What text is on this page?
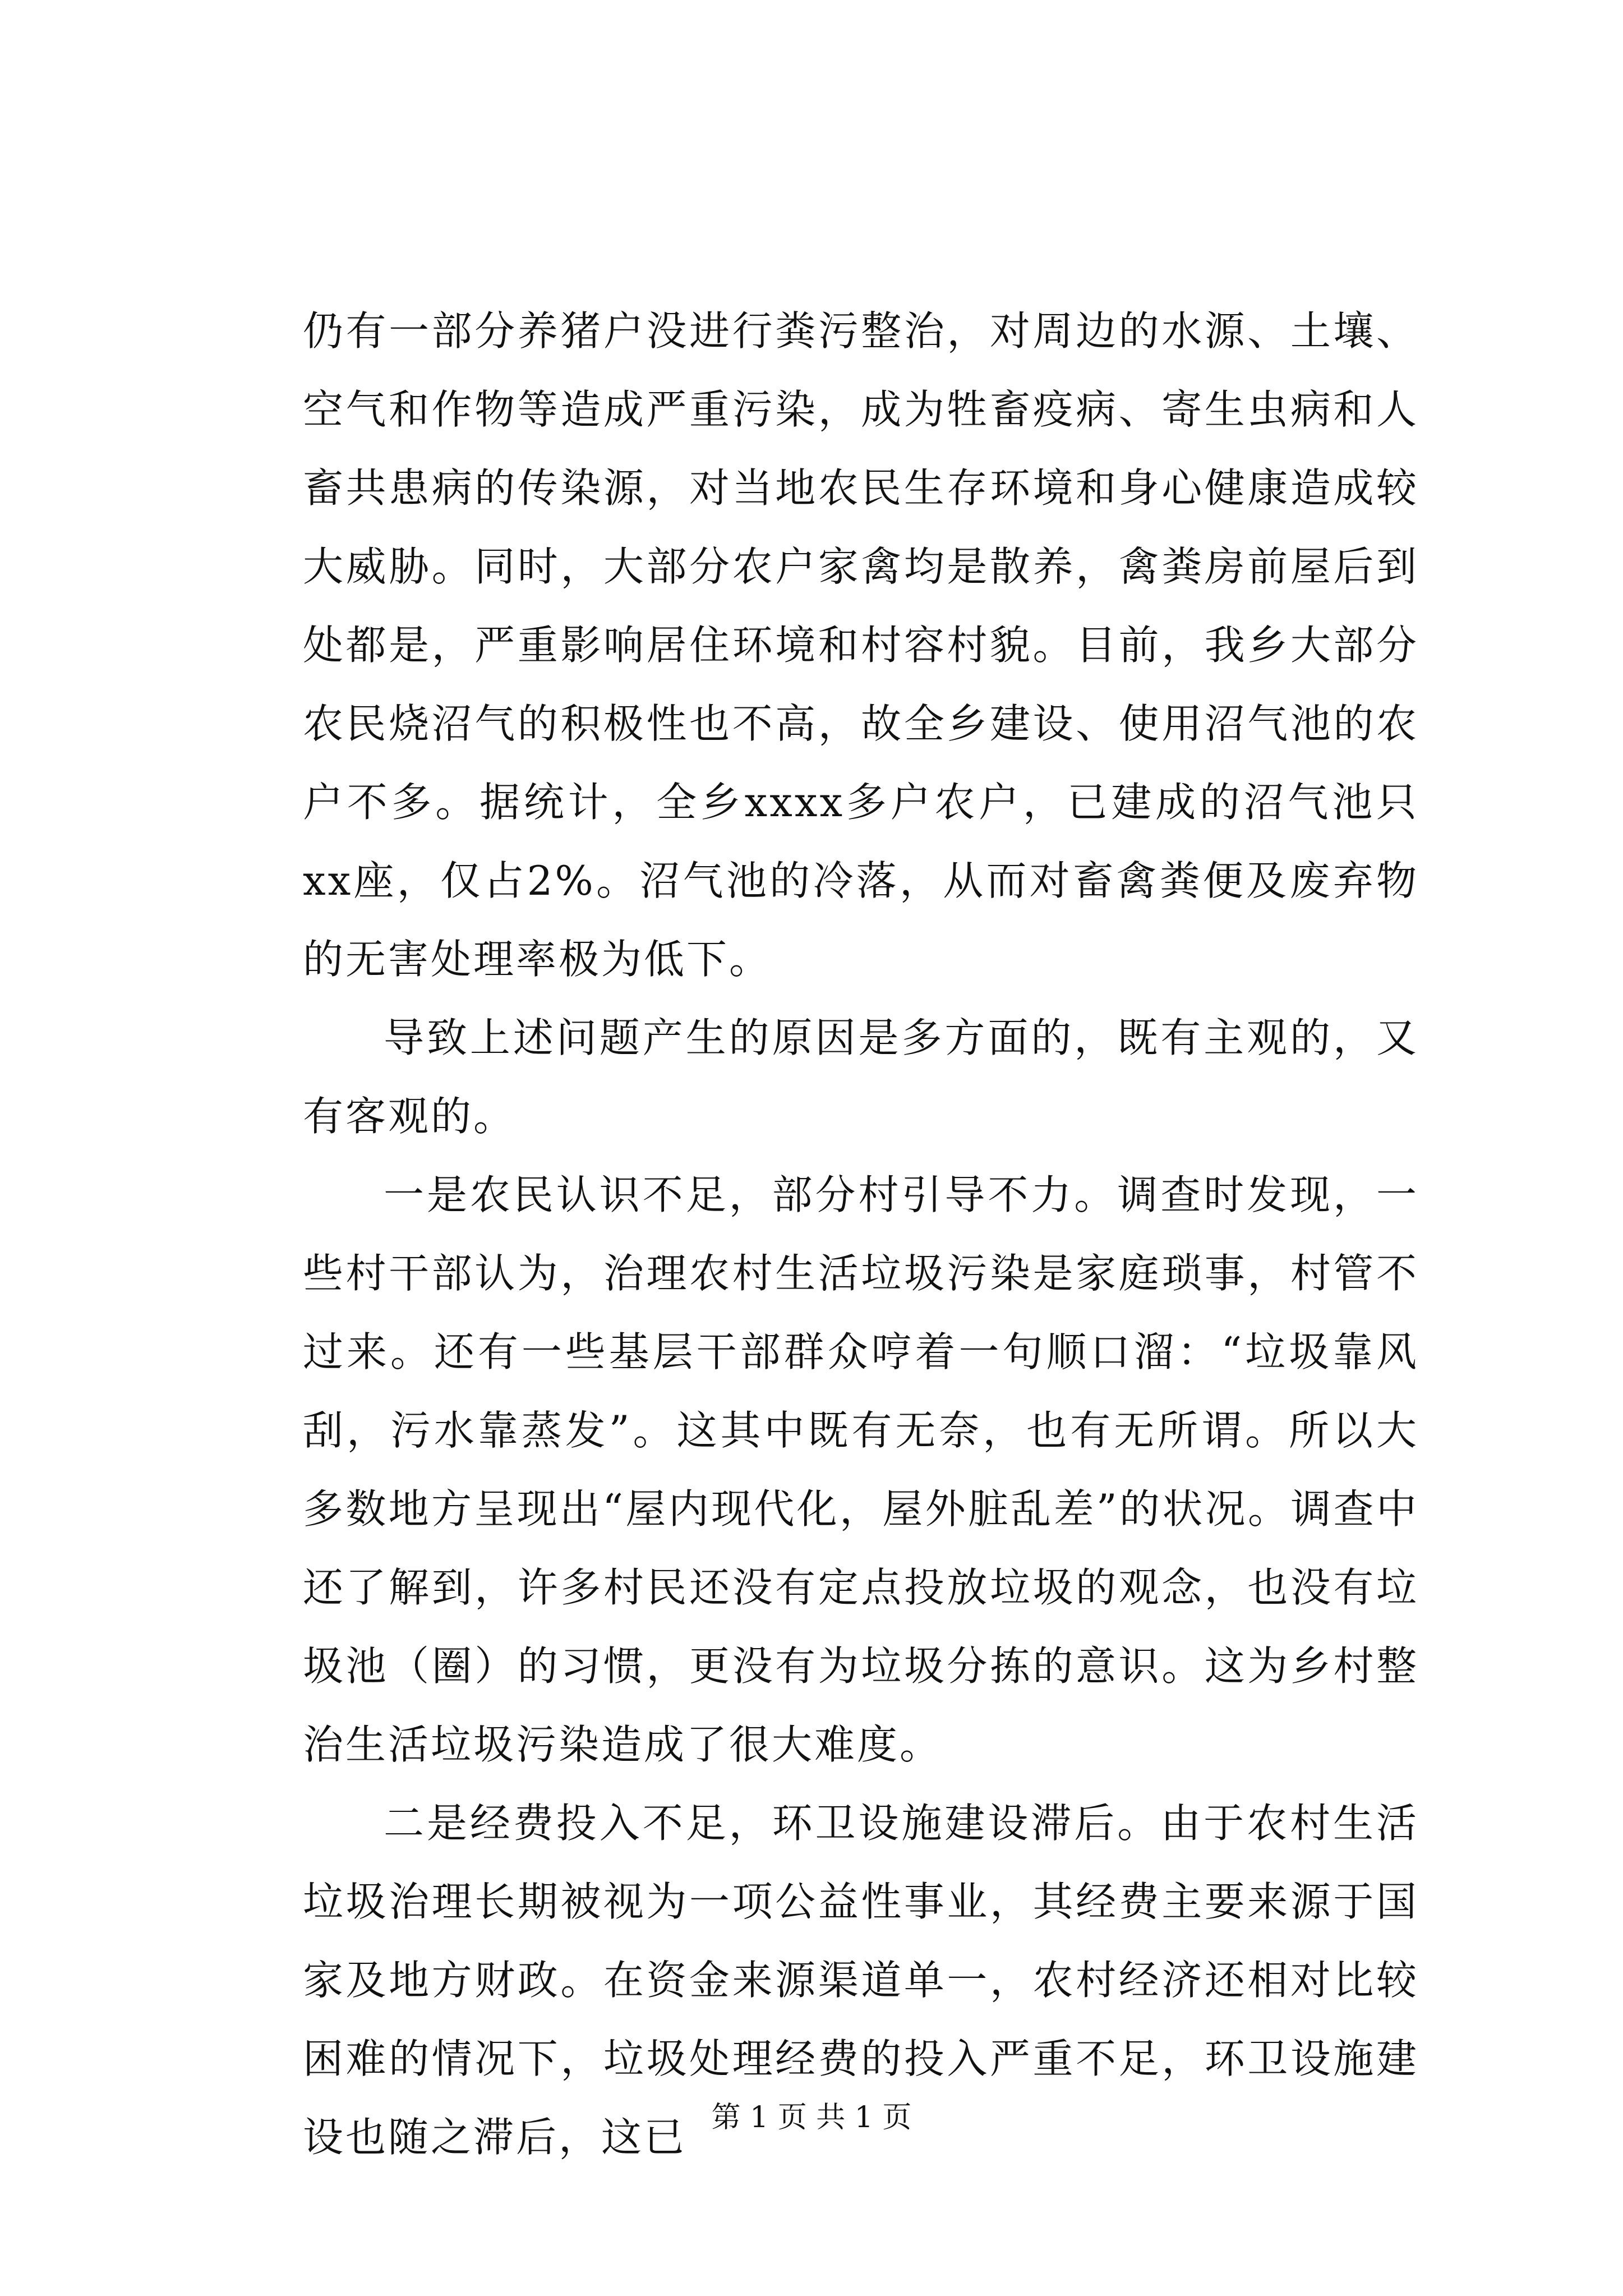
仍有一部分养猪户没进行粪污整治，对周边的水源、土壤、空气和作物等造成严重污染，成为牲畜疫病、寄生虫病和人畜共患病的传染源，对当地农民生存环境和身心健康造成较大威胁。同时，大部分农户家禽均是散养，禽粪房前屋后到处都是，严重影响居住环境和村容村貌。目前，我乡大部分农民烧沼气的积极性也不高，故全乡建设、使用沼气池的农户不多。据统计，全乡xxxx多户农户，已建成的沼气池只xx座，仅占2%。沼气池的冷落，从而对畜禽粪便及废弃物的无害处理率极为低下。

导致上述问题产生的原因是多方面的，既有主观的，又有客观的。

一是农民认识不足，部分村引导不力。调查时发现，一些村干部认为，治理农村生活垃圾污染是家庭琐事，村管不过来。还有一些基层干部群众哼着一句顺口溜：“垃圾靠风刮，污水靠蒸发”。这其中既有无奈，也有无所谓。所以大多数地方呈现出“屋内现代化，屋外脏乱差”的状况。调查中还了解到，许多村民还没有定点投放垃圾的观念，也没有垃圾池（圈）的习惯，更没有为垃圾分拣的意识。这为乡村整治生活垃圾污染造成了很大难度。

二是经费投入不足，环卫设施建设滞后。由于农村生活垃圾治理长期被视为一项公益性事业，其经费主要来源于国家及地方财政。在资金来源渠道单一，农村经济还相对比较困难的情况下，垃圾处理经费的投入严重不足，环卫设施建设也随之滞后，这已 第 1 页 共 1 页
